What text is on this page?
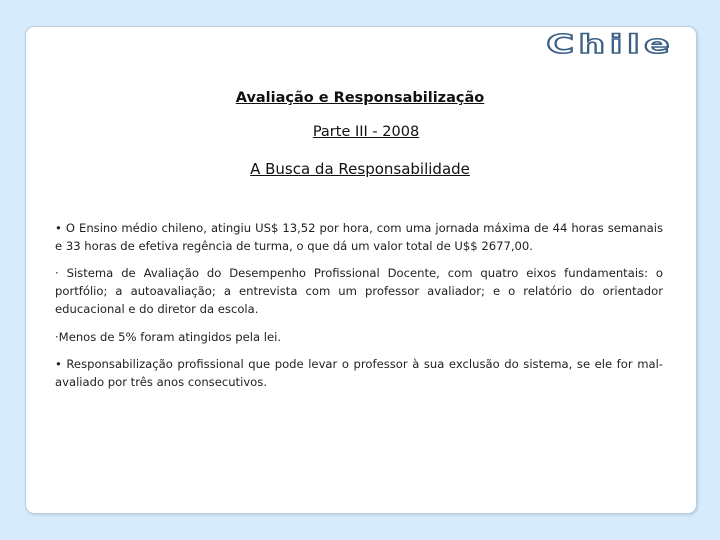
Chile
Avaliação e Responsabilização
Parte III - 2008
A Busca da Responsabilidade
• O Ensino médio chileno, atingiu US$ 13,52 por hora, com uma jornada máxima de 44 horas semanais e 33 horas de efetiva regência de turma, o que dá um valor total de U$$ 2677,00.
· Sistema de Avaliação do Desempenho Profissional Docente, com quatro eixos fundamentais: o portfólio; a autoavaliação; a entrevista com um professor avaliador; e o relatório do orientador educacional e do diretor da escola.
·Menos de 5% foram atingidos pela lei.
• Responsabilização profissional que pode levar o professor à sua exclusão do sistema, se ele for mal-avaliado por três anos consecutivos.
